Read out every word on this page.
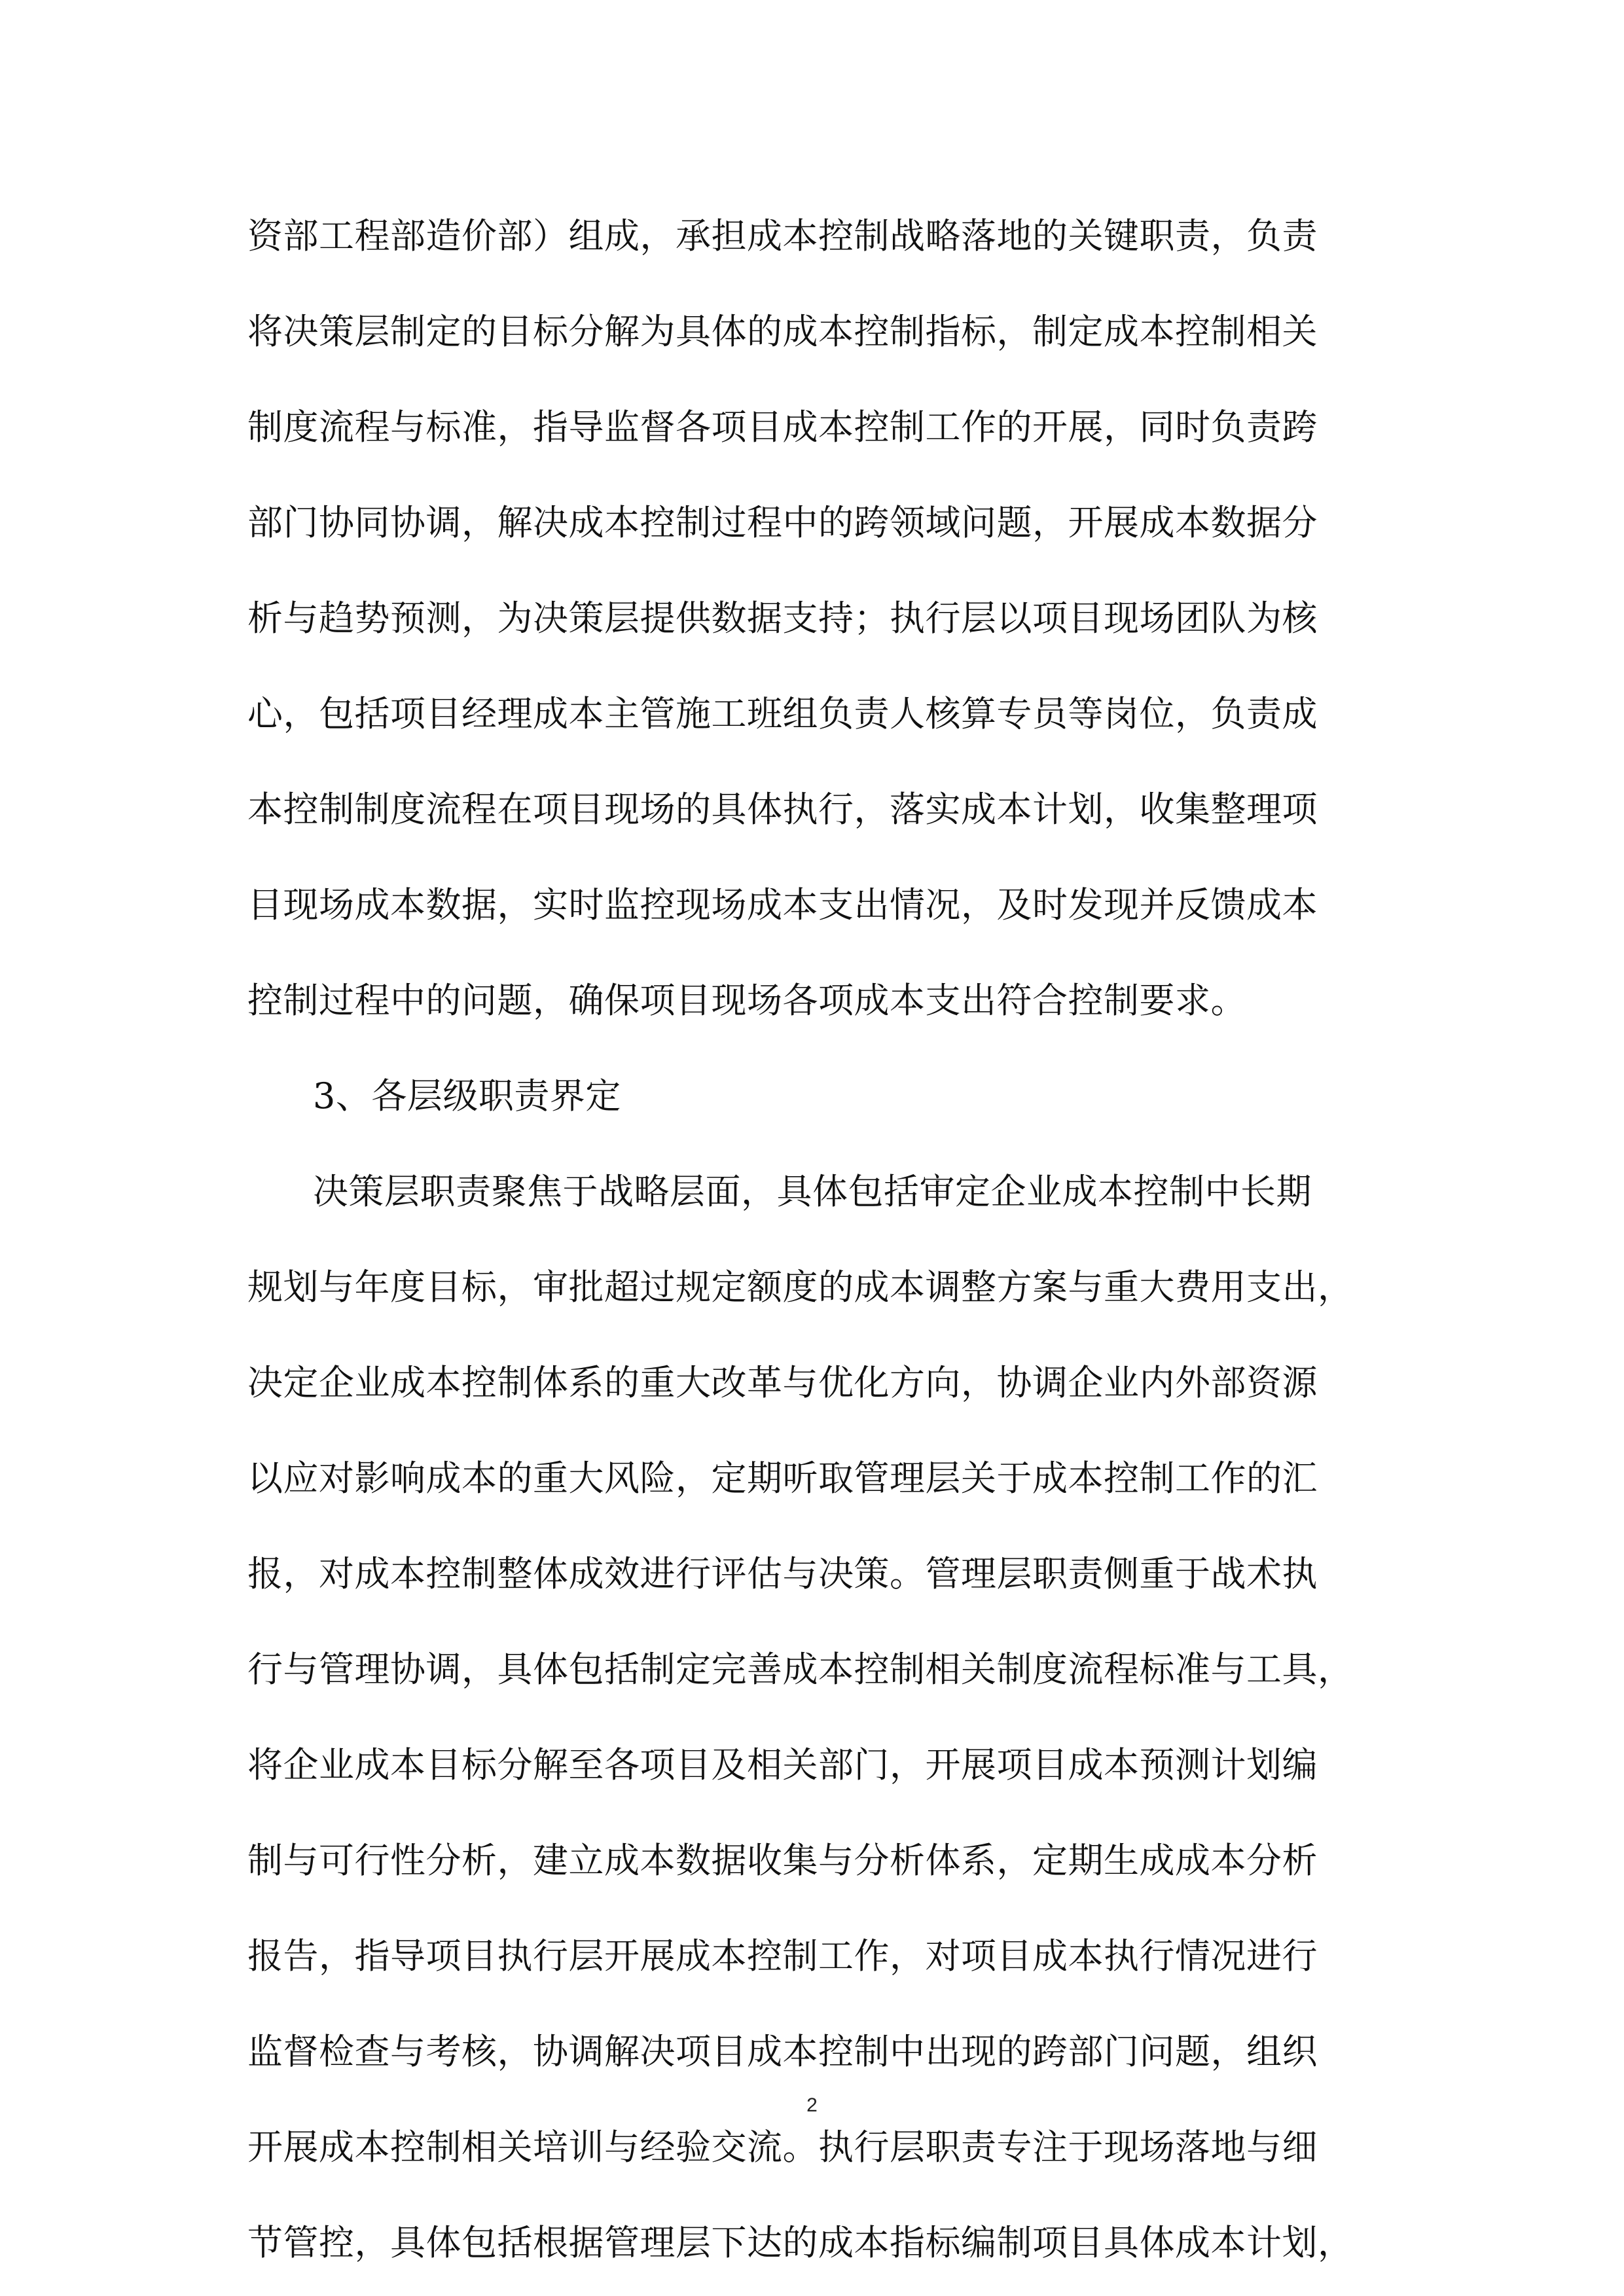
资部工程部造价部）组成，承担成本控制战略落地的关键职责，负责
将决策层制定的目标分解为具体的成本控制指标，制定成本控制相关
制度流程与标准，指导监督各项目成本控制工作的开展，同时负责跨
部门协同协调，解决成本控制过程中的跨领域问题，开展成本数据分
析与趋势预测，为决策层提供数据支持；执行层以项目现场团队为核
心，包括项目经理成本主管施工班组负责人核算专员等岗位，负责成
本控制制度流程在项目现场的具体执行，落实成本计划，收集整理项
目现场成本数据，实时监控现场成本支出情况，及时发现并反馈成本
控制过程中的问题，确保项目现场各项成本支出符合控制要求。
3、各层级职责界定
决策层职责聚焦于战略层面，具体包括审定企业成本控制中长期
规划与年度目标，审批超过规定额度的成本调整方案与重大费用支出，
决定企业成本控制体系的重大改革与优化方向，协调企业内外部资源
以应对影响成本的重大风险，定期听取管理层关于成本控制工作的汇
报，对成本控制整体成效进行评估与决策。管理层职责侧重于战术执
行与管理协调，具体包括制定完善成本控制相关制度流程标准与工具，
将企业成本目标分解至各项目及相关部门，开展项目成本预测计划编
制与可行性分析，建立成本数据收集与分析体系，定期生成成本分析
报告，指导项目执行层开展成本控制工作，对项目成本执行情况进行
监督检查与考核，协调解决项目成本控制中出现的跨部门问题，组织
开展成本控制相关培训与经验交流。执行层职责专注于现场落地与细
节管控，具体包括根据管理层下达的成本指标编制项目具体成本计划，
2
